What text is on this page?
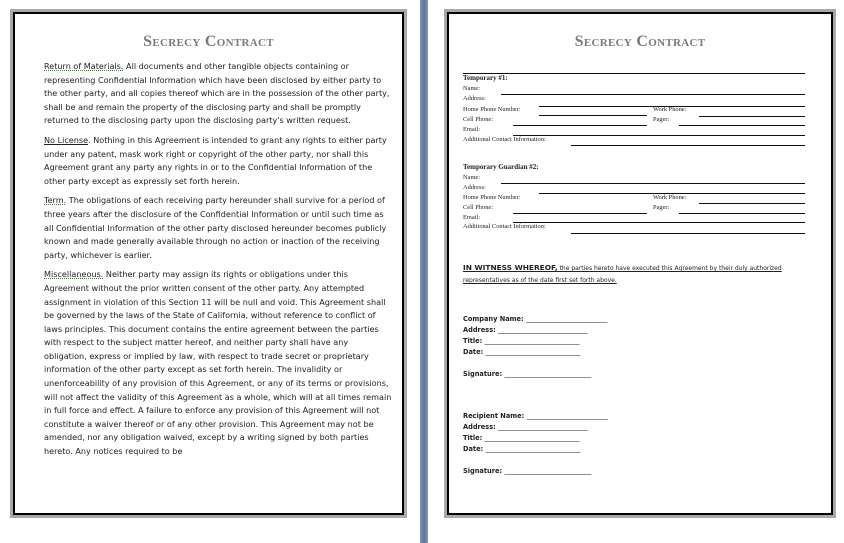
Secrecy Contract

Return of Materials. All documents and other tangible objects containing or representing Confidential Information which have been disclosed by either party to the other party, and all copies thereof which are in the possession of the other party, shall be and remain the property of the disclosing party and shall be promptly returned to the disclosing party upon the disclosing party's written request.

No License. Nothing in this Agreement is intended to grant any rights to either party under any patent, mask work right or copyright of the other party, nor shall this Agreement grant any party any rights in or to the Confidential Information of the other party except as expressly set forth herein.

Term. The obligations of each receiving party hereunder shall survive for a period of three years after the disclosure of the Confidential Information or until such time as all Confidential Information of the other party disclosed hereunder becomes publicly known and made generally available through no action or inaction of the receiving party, whichever is earlier.

Miscellaneous. Neither party may assign its rights or obligations under this Agreement without the prior written consent of the other party. Any attempted assignment in violation of this Section 11 will be null and void. This Agreement shall be governed by the laws of the State of California, without reference to conflict of laws principles. This document contains the entire agreement between the parties with respect to the subject matter hereof, and neither party shall have any obligation, express or implied by law, with respect to trade secret or proprietary information of the other party except as set forth herein. The invalidity or unenforceability of any provision of this Agreement, or any of its terms or provisions, will not affect the validity of this Agreement as a whole, which will at all times remain in full force and effect. A failure to enforce any provision of this Agreement will not constitute a waiver thereof or of any other provision. This Agreement may not be amended, nor any obligation waived, except by a writing signed by both parties hereto. Any notices required to be

Secrecy Contract
Temporary #1:
Name:
Address:
Home Phone Number:	Work Phone:
Cell Phone:	Pager:
Email:
Additional Contact Information:
Temporary Guardian #2:
Name:
Address:
Home Phone Number:	Work Phone:
Cell Phone:	Pager:
Email:
Additional Contact Information:
IN WITNESS WHEREOF, the parties hereto have executed this Agreement by their duly authorized representatives as of the date first set forth above.
Company Name: ______________________________
Address: _________________________________
Title: ___________________________________
Date: ___________________________________
Signature: ________________________________
Recipient Name: ______________________________
Address: _________________________________
Title: ___________________________________
Date: ___________________________________
Signature: ________________________________
